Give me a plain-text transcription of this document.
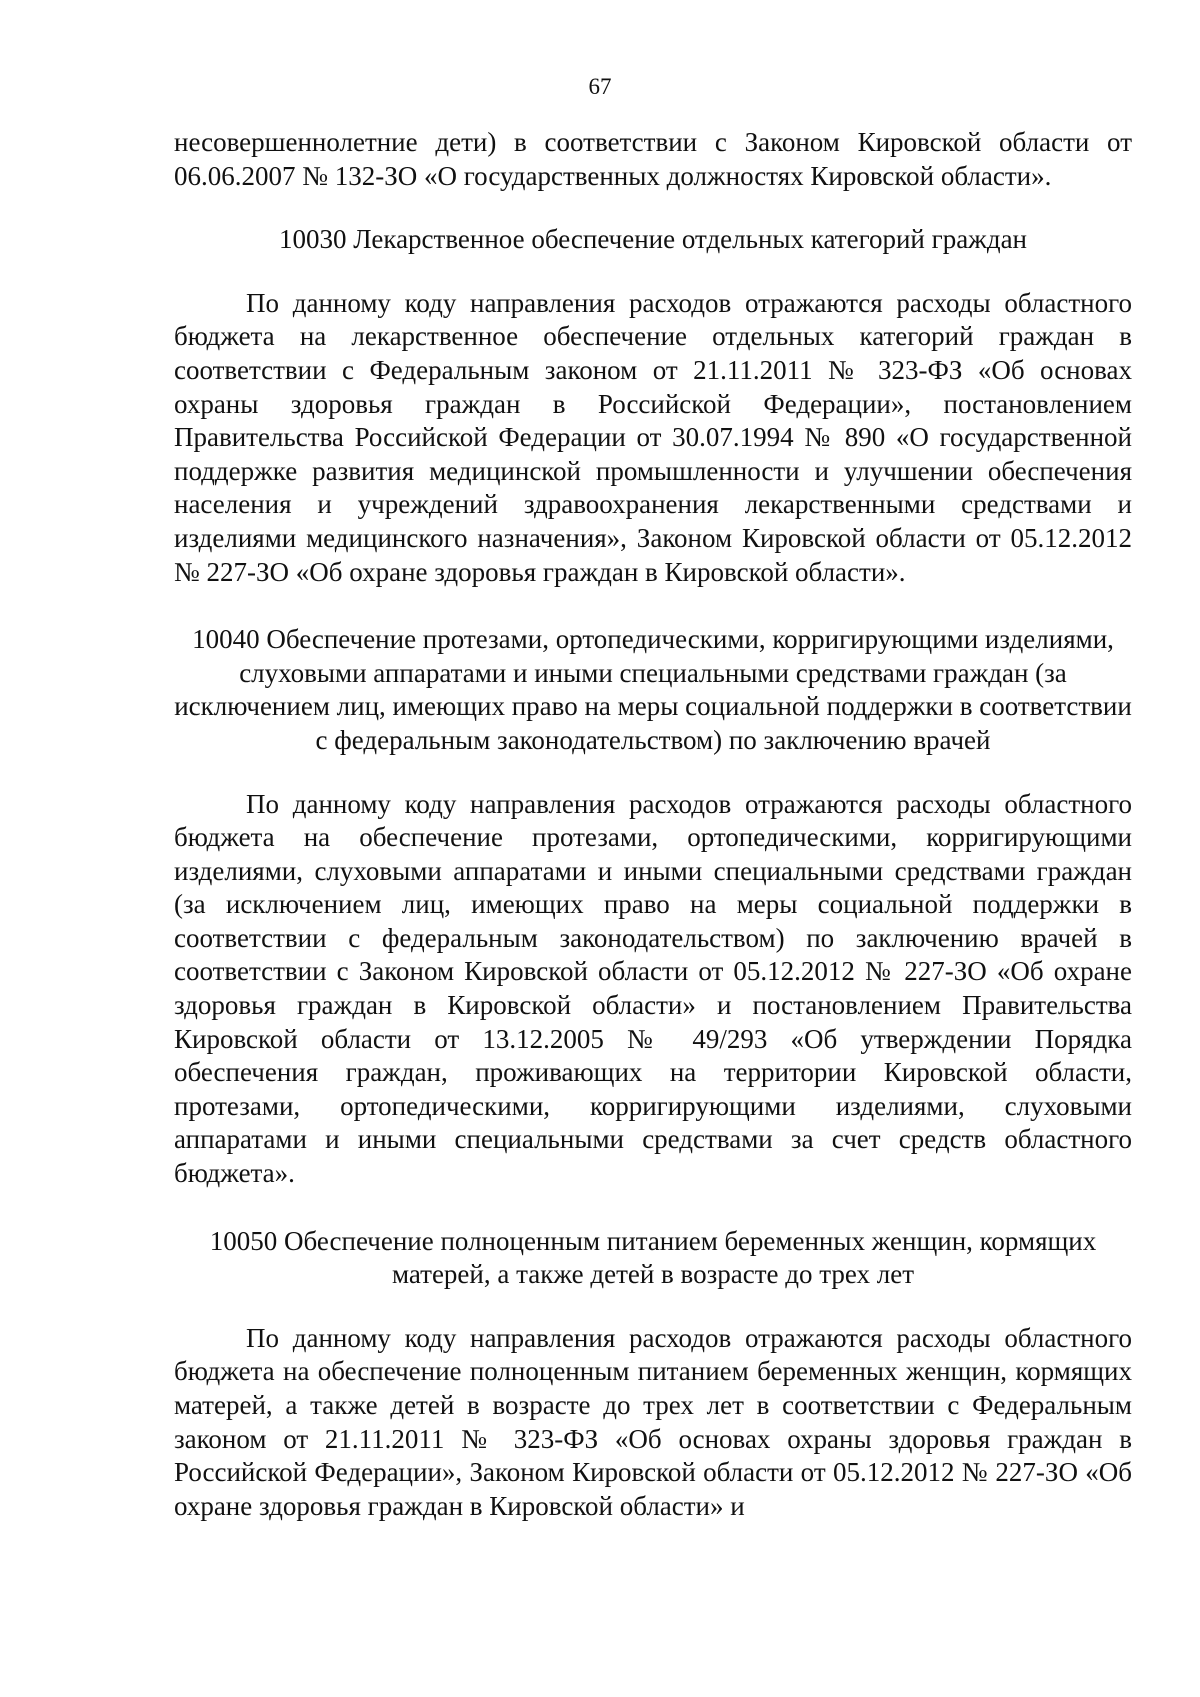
67

несовершеннолетние дети) в соответствии с Законом Кировской области от 06.06.2007 № 132-ЗО «О государственных должностях Кировской области».

10030 Лекарственное обеспечение отдельных категорий граждан

По данному коду направления расходов отражаются расходы областного бюджета на лекарственное обеспечение отдельных категорий граждан в соответствии с Федеральным законом от 21.11.2011 № 323-ФЗ «Об основах охраны здоровья граждан в Российской Федерации», постановлением Правительства Российской Федерации от 30.07.1994 № 890 «О государственной поддержке развития медицинской промышленности и улучшении обеспечения населения и учреждений здравоохранения лекарственными средствами и изделиями медицинского назначения», Законом Кировской области от 05.12.2012 № 227-ЗО «Об охране здоровья граждан в Кировской области».

10040 Обеспечение протезами, ортопедическими, корригирующими изделиями, слуховыми аппаратами и иными специальными средствами граждан (за исключением лиц, имеющих право на меры социальной поддержки в соответствии с федеральным законодательством) по заключению врачей

По данному коду направления расходов отражаются расходы областного бюджета на обеспечение протезами, ортопедическими, корригирующими изделиями, слуховыми аппаратами и иными специальными средствами граждан (за исключением лиц, имеющих право на меры социальной поддержки в соответствии с федеральным законодательством) по заключению врачей в соответствии с Законом Кировской области от 05.12.2012 № 227-ЗО «Об охране здоровья граждан в Кировской области» и постановлением Правительства Кировской области от 13.12.2005 № 49/293 «Об утверждении Порядка обеспечения граждан, проживающих на территории Кировской области, протезами, ортопедическими, корригирующими изделиями, слуховыми аппаратами и иными специальными средствами за счет средств областного бюджета».

10050 Обеспечение полноценным питанием беременных женщин, кормящих матерей, а также детей в возрасте до трех лет

По данному коду направления расходов отражаются расходы областного бюджета на обеспечение полноценным питанием беременных женщин, кормящих матерей, а также детей в возрасте до трех лет в соответствии с Федеральным законом от 21.11.2011 № 323-ФЗ «Об основах охраны здоровья граждан в Российской Федерации», Законом Кировской области от 05.12.2012 № 227-ЗО «Об охране здоровья граждан в Кировской области» и
